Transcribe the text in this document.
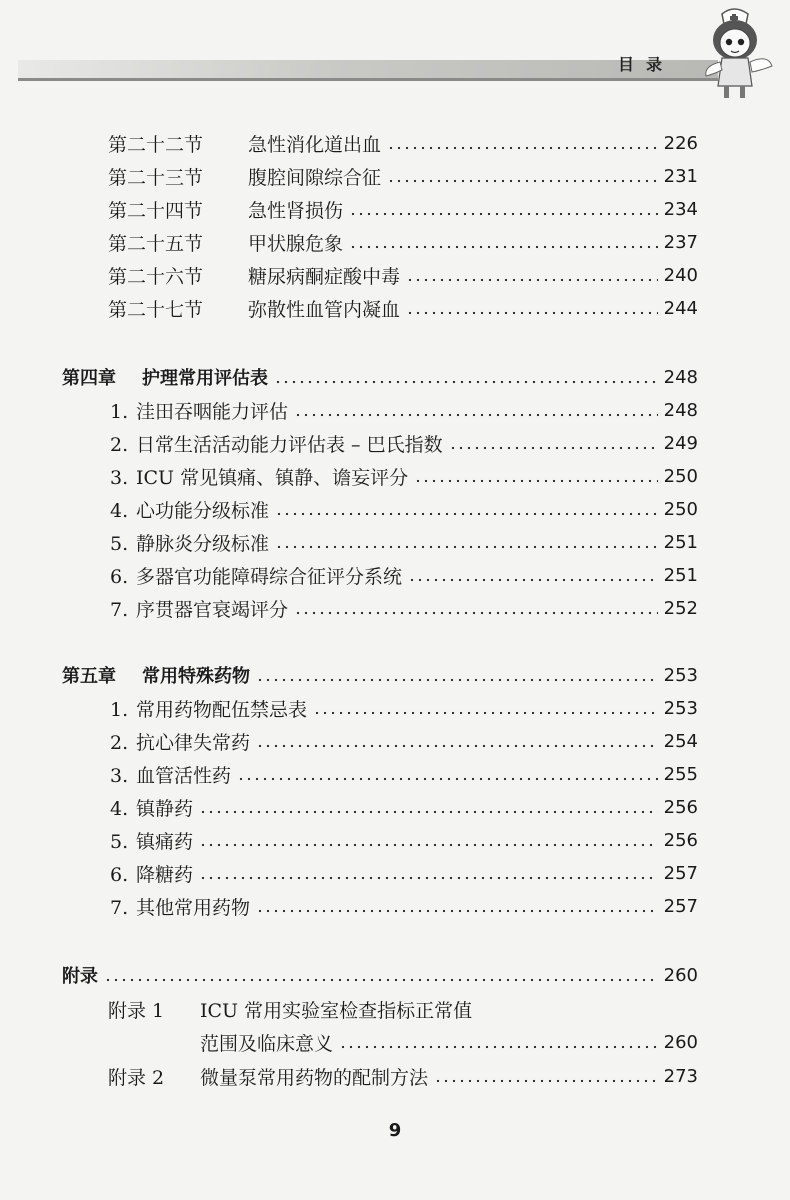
目录
第二十二节 急性消化道出血	226
第二十三节 腹腔间隙综合征	231
第二十四节 急性肾损伤	234
第二十五节 甲状腺危象	237
第二十六节 糖尿病酮症酸中毒	240
第二十七节 弥散性血管内凝血	244
第四章 护理常用评估表	248
1. 洼田吞咽能力评估	248
2. 日常生活活动能力评估表 – 巴氏指数	249
3. ICU 常见镇痛、镇静、谵妄评分	250
4. 心功能分级标准	250
5. 静脉炎分级标准	251
6. 多器官功能障碍综合征评分系统	251
7. 序贯器官衰竭评分	252
第五章 常用特殊药物	253
1. 常用药物配伍禁忌表	253
2. 抗心律失常药	254
3. 血管活性药	255
4. 镇静药	256
5. 镇痛药	256
6. 降糖药	257
7. 其他常用药物	257
附录	260
附录 1 ICU 常用实验室检查指标正常值
范围及临床意义	260
附录 2 微量泵常用药物的配制方法	273
9
